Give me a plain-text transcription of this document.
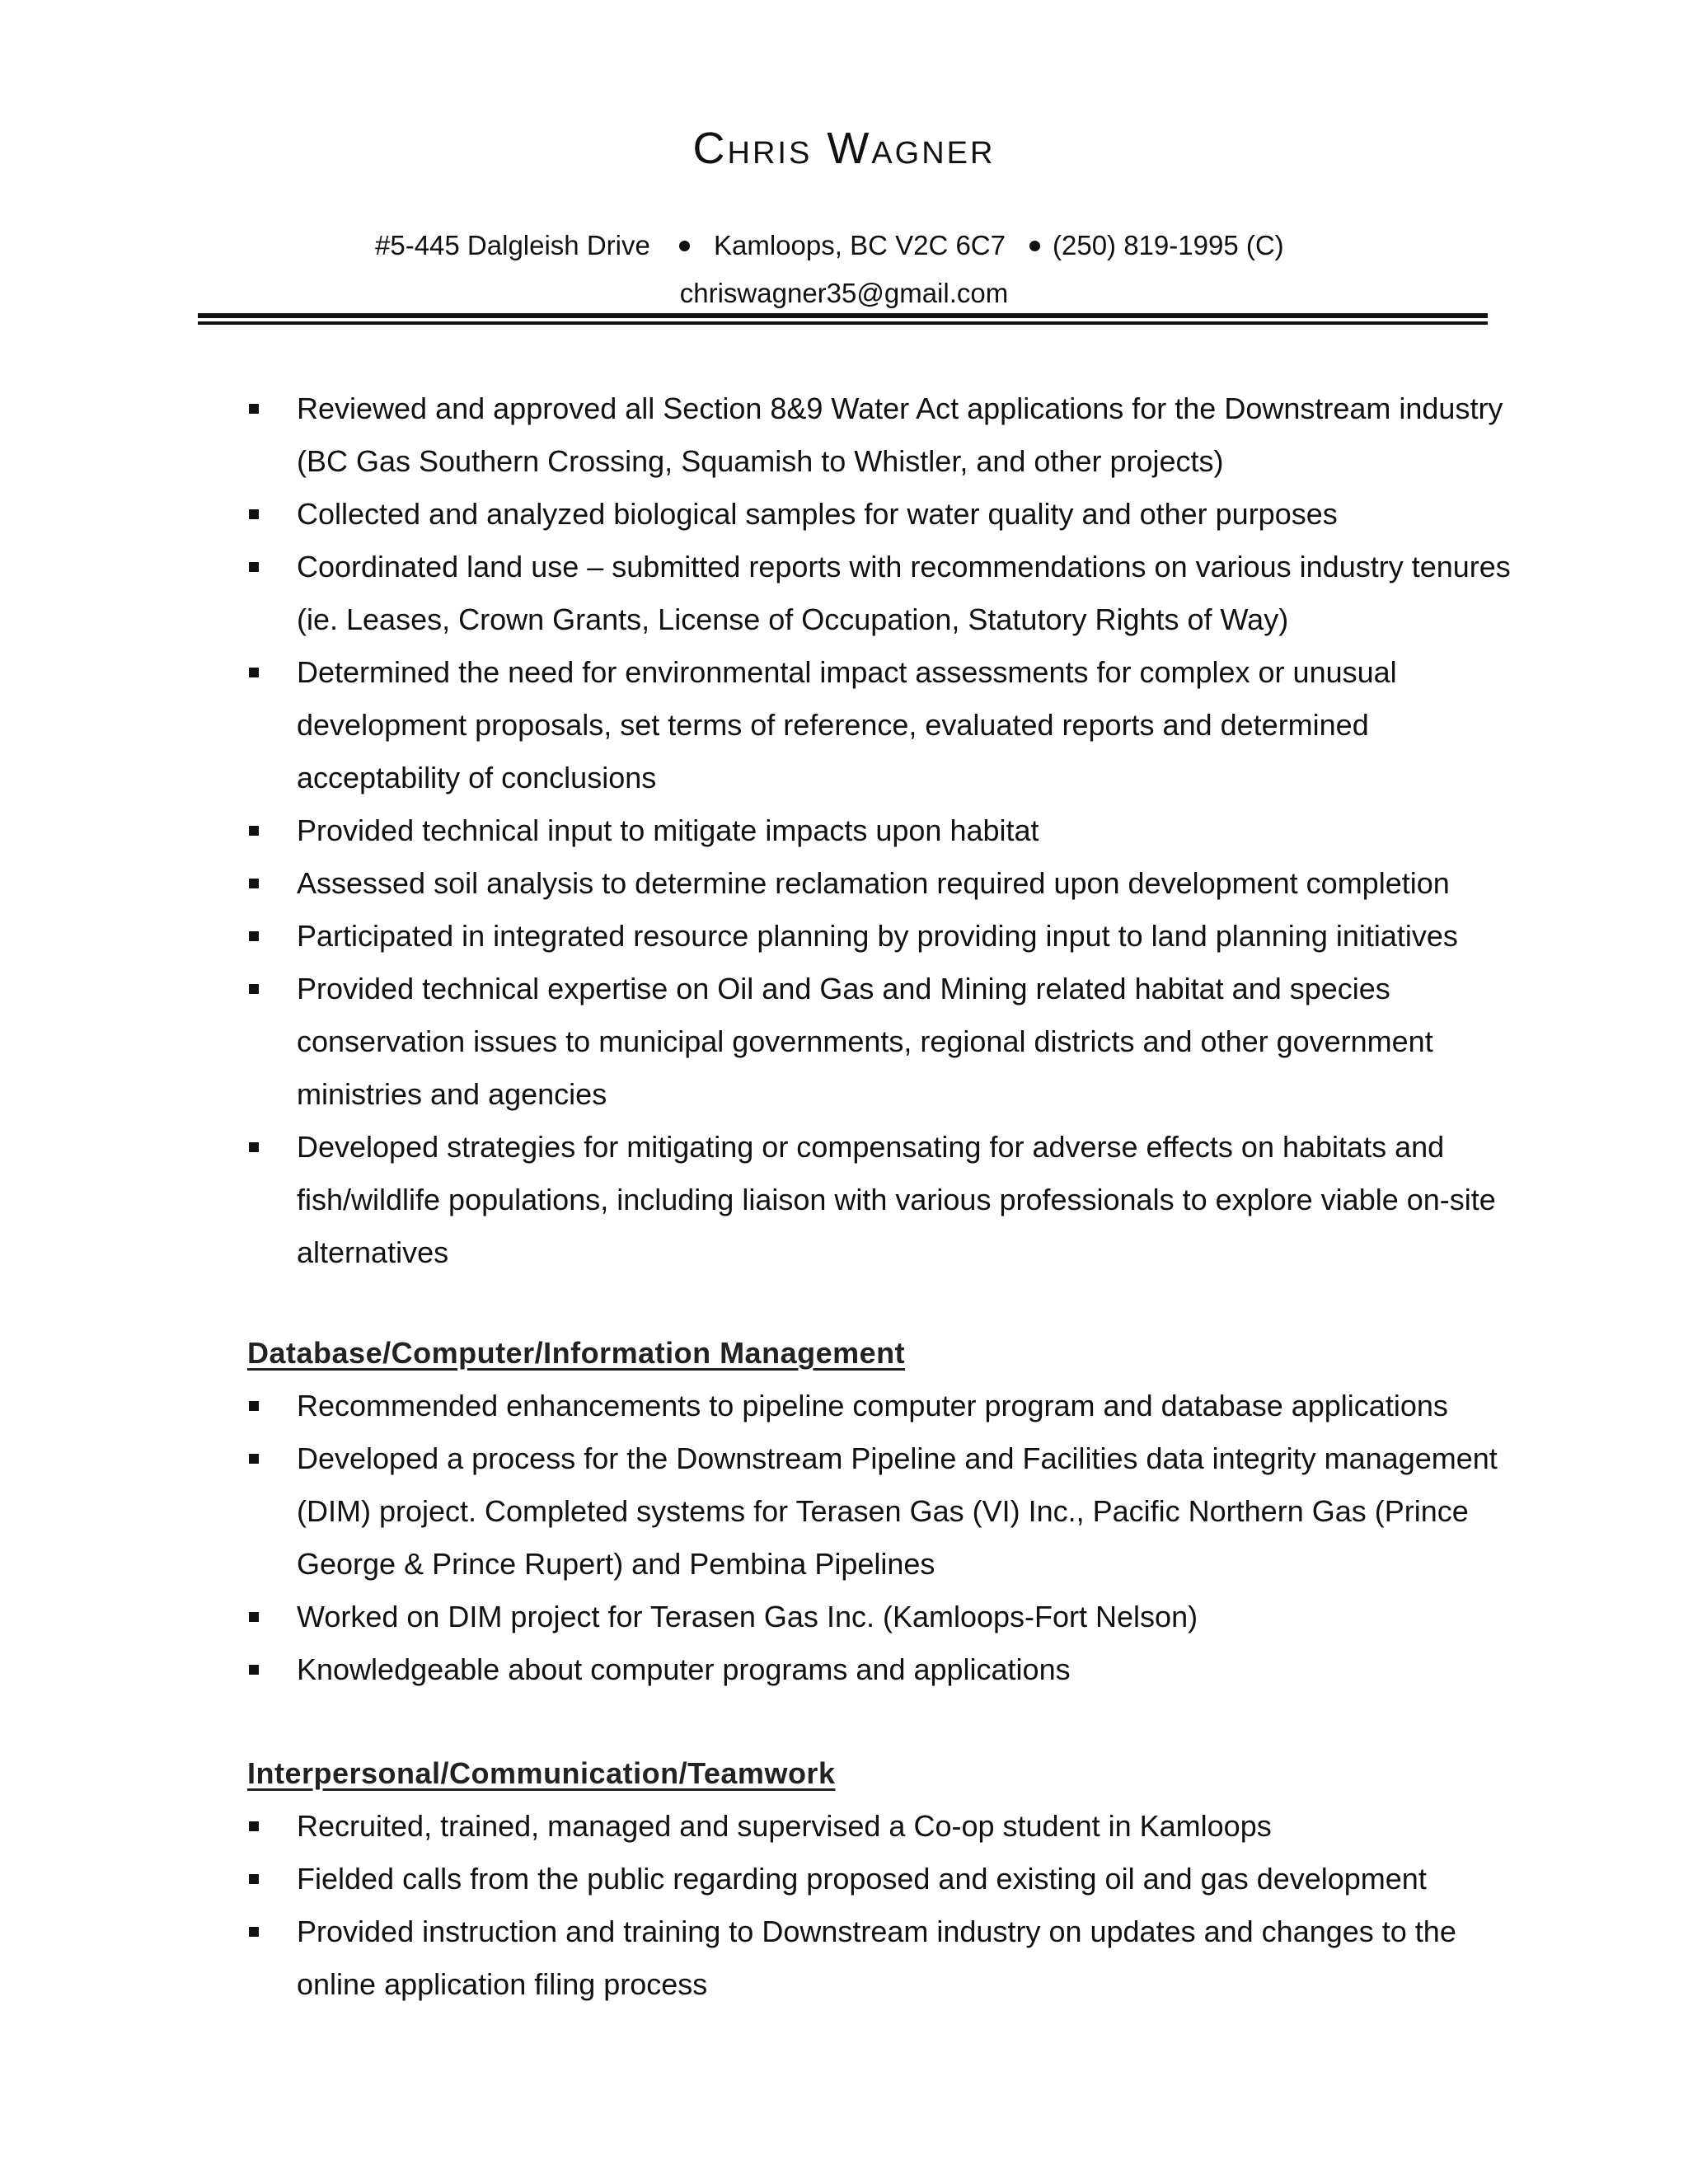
Chris Wagner
#5-445 Dalgleish Drive Kamloops, BC V2C 6C7 (250) 819-1995 (C)
chriswagner35@gmail.com
Reviewed and approved all Section 8&9 Water Act applications for the Downstream industry (BC Gas Southern Crossing, Squamish to Whistler, and other projects)
Collected and analyzed biological samples for water quality and other purposes
Coordinated land use – submitted reports with recommendations on various industry tenures (ie. Leases, Crown Grants, License of Occupation, Statutory Rights of Way)
Determined the need for environmental impact assessments for complex or unusual development proposals, set terms of reference, evaluated reports and determined acceptability of conclusions
Provided technical input to mitigate impacts upon habitat
Assessed soil analysis to determine reclamation required upon development completion
Participated in integrated resource planning by providing input to land planning initiatives
Provided technical expertise on Oil and Gas and Mining related habitat and species conservation issues to municipal governments, regional districts and other government ministries and agencies
Developed strategies for mitigating or compensating for adverse effects on habitats and fish/wildlife populations, including liaison with various professionals to explore viable on-site alternatives
Database/Computer/Information Management
Recommended enhancements to pipeline computer program and database applications
Developed a process for the Downstream Pipeline and Facilities data integrity management (DIM) project. Completed systems for Terasen Gas (VI) Inc., Pacific Northern Gas (Prince George & Prince Rupert) and Pembina Pipelines
Worked on DIM project for Terasen Gas Inc. (Kamloops-Fort Nelson)
Knowledgeable about computer programs and applications
Interpersonal/Communication/Teamwork
Recruited, trained, managed and supervised a Co-op student in Kamloops
Fielded calls from the public regarding proposed and existing oil and gas development
Provided instruction and training to Downstream industry on updates and changes to the online application filing process
